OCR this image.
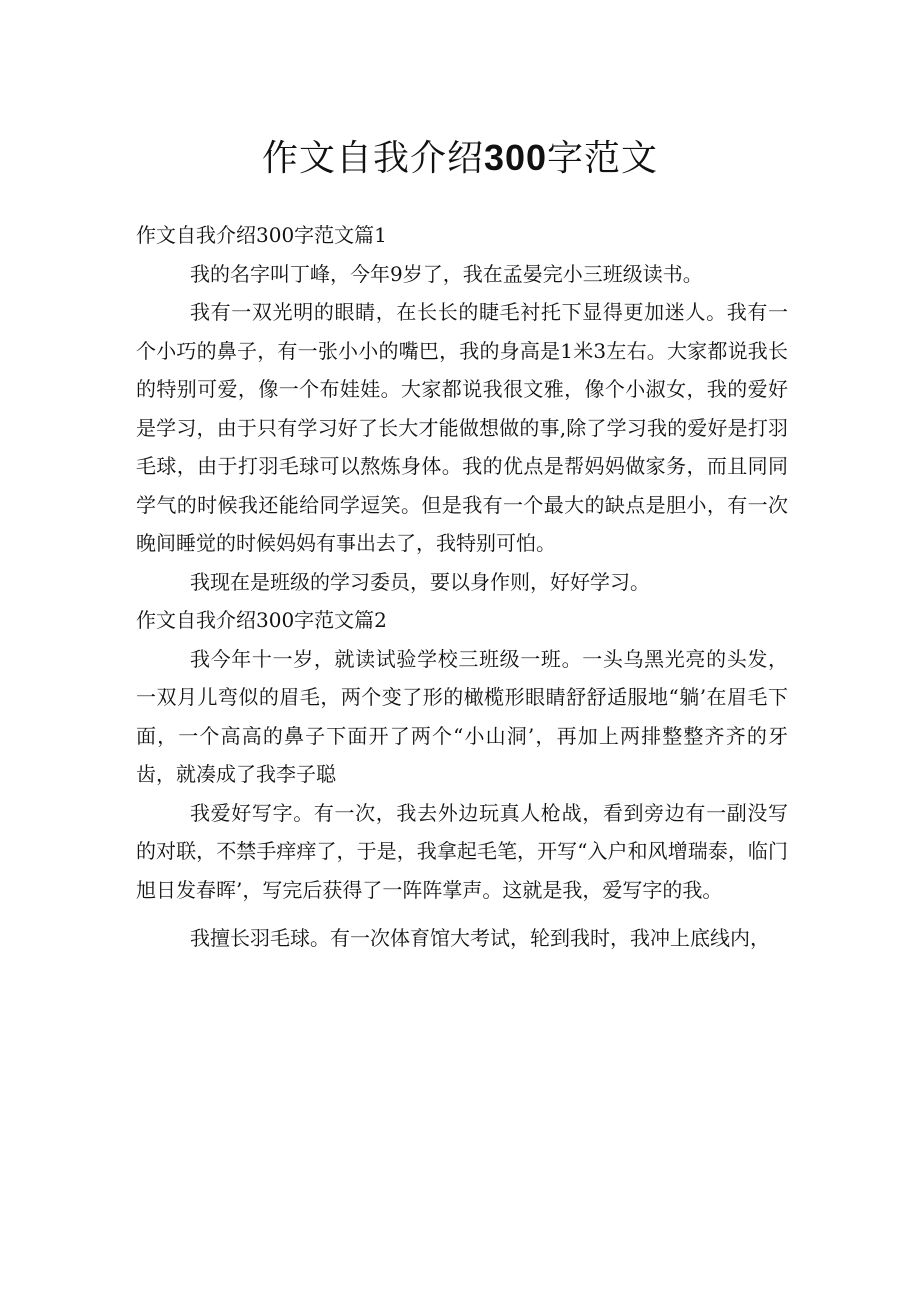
作文自我介绍300字范文
作文自我介绍300字范文篇1

我的名字叫丁峰，今年9岁了，我在孟晏完小三班级读书。

我有一双光明的眼睛，在长长的睫毛衬托下显得更加迷人。我有一个小巧的鼻子，有一张小小的嘴巴，我的身高是1米3左右。大家都说我长的特别可爱，像一个布娃娃。大家都说我很文雅，像个小淑女，我的爱好是学习，由于只有学习好了长大才能做想做的事,除了学习我的爱好是打羽毛球，由于打羽毛球可以熬炼身体。我的优点是帮妈妈做家务，而且同同学气的时候我还能给同学逗笑。但是我有一个最大的缺点是胆小，有一次晚间睡觉的时候妈妈有事出去了，我特别可怕。

我现在是班级的学习委员，要以身作则，好好学习。

作文自我介绍300字范文篇2

我今年十一岁，就读试验学校三班级一班。一头乌黑光亮的头发，一双月儿弯似的眉毛，两个变了形的橄榄形眼睛舒舒适服地“躺’在眉毛下面，一个高高的鼻子下面开了两个“小山洞’，再加上两排整整齐齐的牙齿，就凑成了我李子聪

我爱好写字。有一次，我去外边玩真人枪战，看到旁边有一副没写的对联，不禁手痒痒了，于是，我拿起毛笔，开写“入户和风增瑞泰，临门旭日发春晖’，写完后获得了一阵阵掌声。这就是我，爱写字的我。

我擅长羽毛球。有一次体育馆大考试，轮到我时，我冲上底线内，
